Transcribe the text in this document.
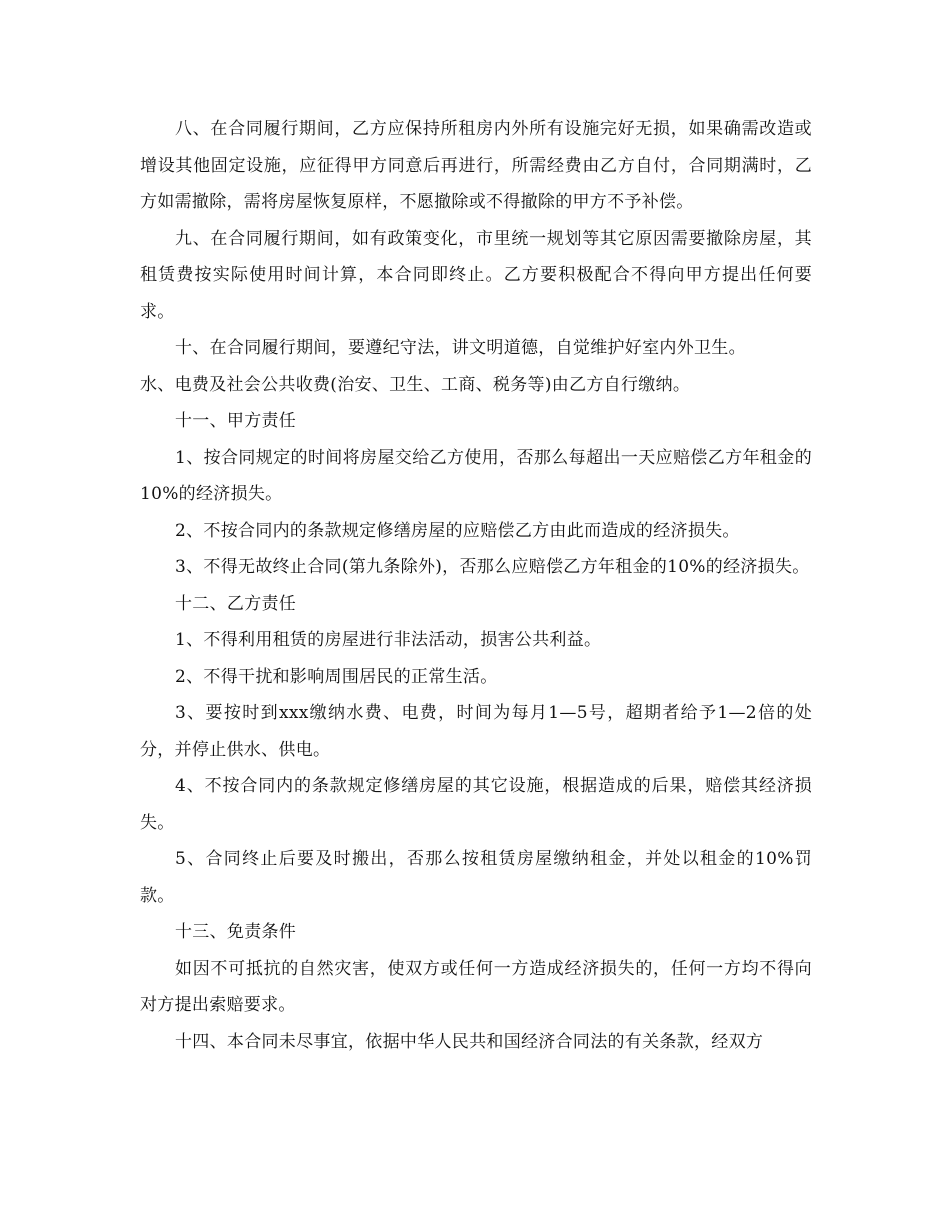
八、在合同履行期间，乙方应保持所租房内外所有设施完好无损，如果确需改造或增设其他固定设施，应征得甲方同意后再进行，所需经费由乙方自付，合同期满时，乙方如需撤除，需将房屋恢复原样，不愿撤除或不得撤除的甲方不予补偿。

九、在合同履行期间，如有政策变化，市里统一规划等其它原因需要撤除房屋，其租赁费按实际使用时间计算，本合同即终止。乙方要积极配合不得向甲方提出任何要求。

十、在合同履行期间，要遵纪守法，讲文明道德，自觉维护好室内外卫生。

水、电费及社会公共收费(治安、卫生、工商、税务等)由乙方自行缴纳。

十一、甲方责任

1、按合同规定的时间将房屋交给乙方使用，否那么每超出一天应赔偿乙方年租金的10%的经济损失。

2、不按合同内的条款规定修缮房屋的应赔偿乙方由此而造成的经济损失。

3、不得无故终止合同(第九条除外)，否那么应赔偿乙方年租金的10%的经济损失。

十二、乙方责任

1、不得利用租赁的房屋进行非法活动，损害公共利益。

2、不得干扰和影响周围居民的正常生活。

3、要按时到xxx缴纳水费、电费，时间为每月1—5号，超期者给予1—2倍的处分，并停止供水、供电。

4、不按合同内的条款规定修缮房屋的其它设施，根据造成的后果，赔偿其经济损失。

5、合同终止后要及时搬出，否那么按租赁房屋缴纳租金，并处以租金的10%罚款。

十三、免责条件

如因不可抵抗的自然灾害，使双方或任何一方造成经济损失的，任何一方均不得向对方提出索赔要求。

十四、本合同未尽事宜，依据中华人民共和国经济合同法的有关条款，经双方
